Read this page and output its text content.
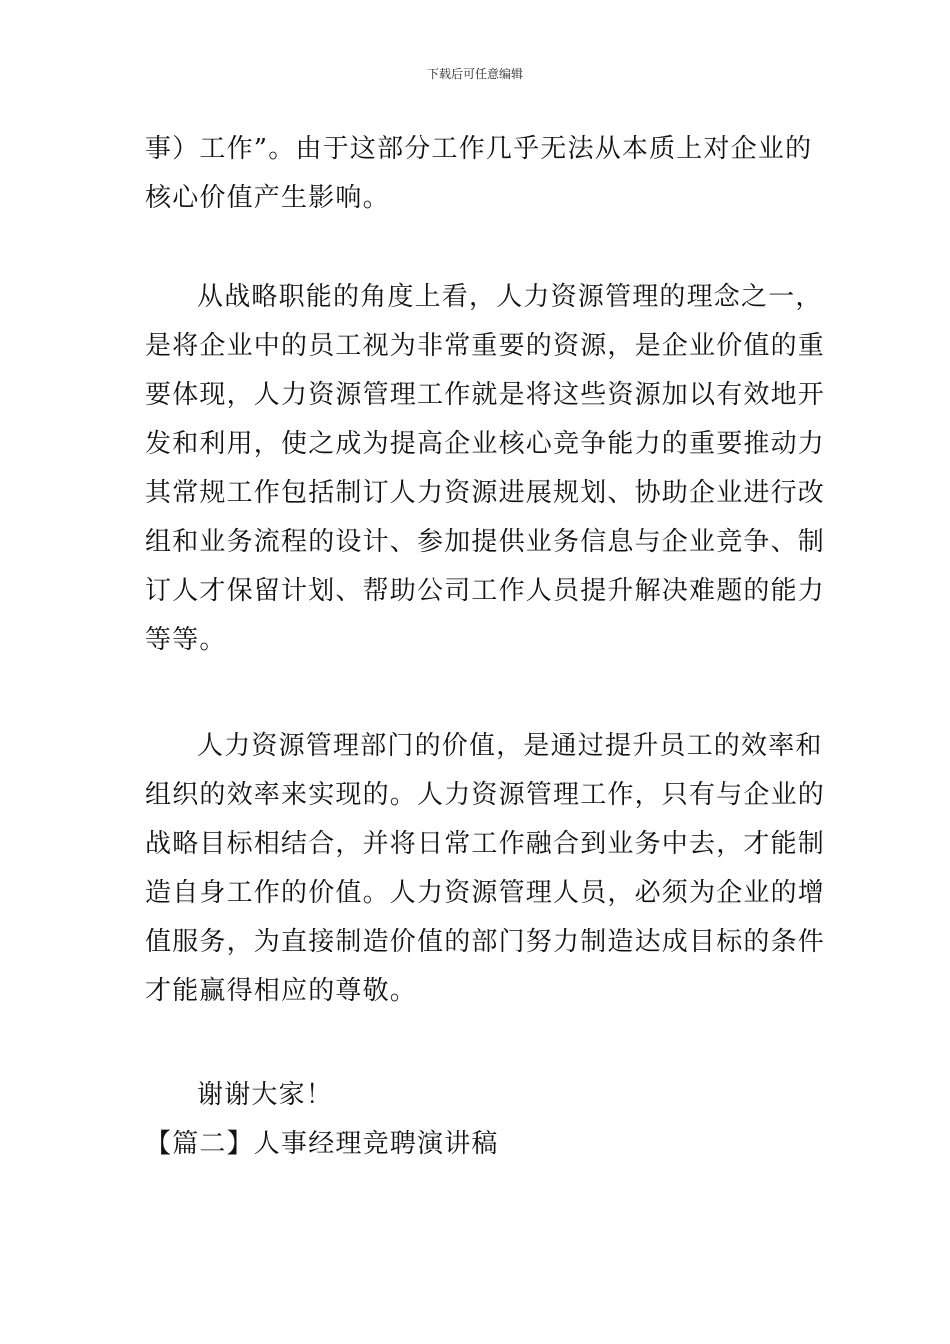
下载后可任意编辑
事）工作”。由于这部分工作几乎无法从本质上对企业的
核心价值产生影响。
从战略职能的角度上看，人力资源管理的理念之一，
是将企业中的员工视为非常重要的资源，是企业价值的重
要体现，人力资源管理工作就是将这些资源加以有效地开
发和利用，使之成为提高企业核心竞争能力的重要推动力
其常规工作包括制订人力资源进展规划、协助企业进行改
组和业务流程的设计、参加提供业务信息与企业竞争、制
订人才保留计划、帮助公司工作人员提升解决难题的能力
等等。
人力资源管理部门的价值，是通过提升员工的效率和
组织的效率来实现的。人力资源管理工作，只有与企业的
战略目标相结合，并将日常工作融合到业务中去，才能制
造自身工作的价值。人力资源管理人员，必须为企业的增
值服务，为直接制造价值的部门努力制造达成目标的条件
才能赢得相应的尊敬。
谢谢大家！
【篇二】人事经理竞聘演讲稿
